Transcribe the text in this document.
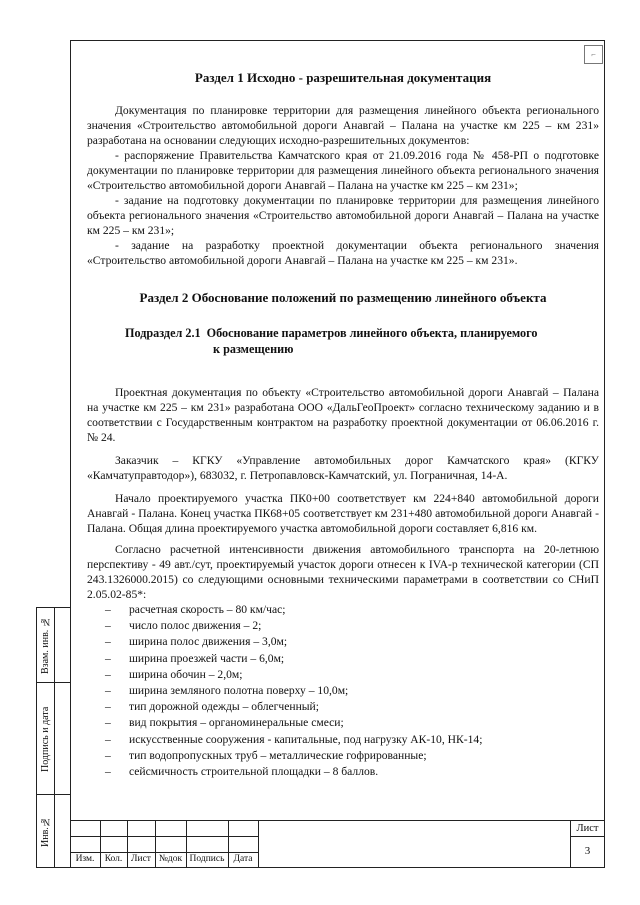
⌐
Раздел 1 Исходно - разрешительная документация

Документация по планировке территории для размещения линейного объекта регионального значения «Строительство автомобильной дороги Анавгай – Палана на участке км 225 – км 231» разработана на основании следующих исходно-разрешительных документов:

- распоряжение Правительства Камчатского края от 21.09.2016 года № 458-РП о подготовке документации по планировке территории для размещения линейного объекта регионального значения «Строительство автомобильной дороги Анавгай – Палана на участке км 225 – км 231»;

- задание на подготовку документации по планировке территории для размещения линейного объекта регионального значения «Строительство автомобильной дороги Анавгай – Палана на участке км 225 – км 231»;

- задание на разработку проектной документации объекта регионального значения «Строительство автомобильной дороги Анавгай – Палана на участке км 225 – км 231».

Раздел 2 Обоснование положений по размещению линейного объекта
Подраздел 2.1 Обоснование параметров линейного объекта, планируемого
к размещению

Проектная документация по объекту «Строительство автомобильной дороги Анавгай – Палана на участке км 225 – км 231» разработана ООО «ДальГеоПроект» согласно техническому заданию и в соответствии с Государственным контрактом на разработку проектной документации от 06.06.2016 г. № 24.

Заказчик – КГКУ «Управление автомобильных дорог Камчатского края» (КГКУ «Камчатуправтодор»), 683032, г. Петропавловск-Камчатский, ул. Пограничная, 14-А.

Начало проектируемого участка ПК0+00 соответствует км 224+840 автомобильной дороги Анавгай - Палана. Конец участка ПК68+05 соответствует км 231+480 автомобильной дороги Анавгай - Палана. Общая длина проектируемого участка автомобильной дороги составляет 6,816 км.

Согласно расчетной интенсивности движения автомобильного транспорта на 20-летнюю перспективу - 49 авт./сут, проектируемый участок дороги отнесен к IVA-р технической категории (СП 243.1326000.2015) со следующими основными техническими параметрами в соответствии со СНиП 2.05.02-85*:

– расчетная скорость – 80 км/час;
– число полос движения – 2;
– ширина полос движения – 3,0м;
– ширина проезжей части – 6,0м;
– ширина обочин – 2,0м;
– ширина земляного полотна поверху – 10,0м;
– тип дорожной одежды – облегченный;
– вид покрытия – органоминеральные смеси;
– искусственные сооружения - капитальные, под нагрузку АК-10, НК-14;
– тип водопропускных труб – металлические гофрированные;
– сейсмичность строительной площадки – 8 баллов.
Взам. инв. №
Подпись и дата
Инв.№
Изм.	Кол. Лист №док Подпись Дата
Лист
3
